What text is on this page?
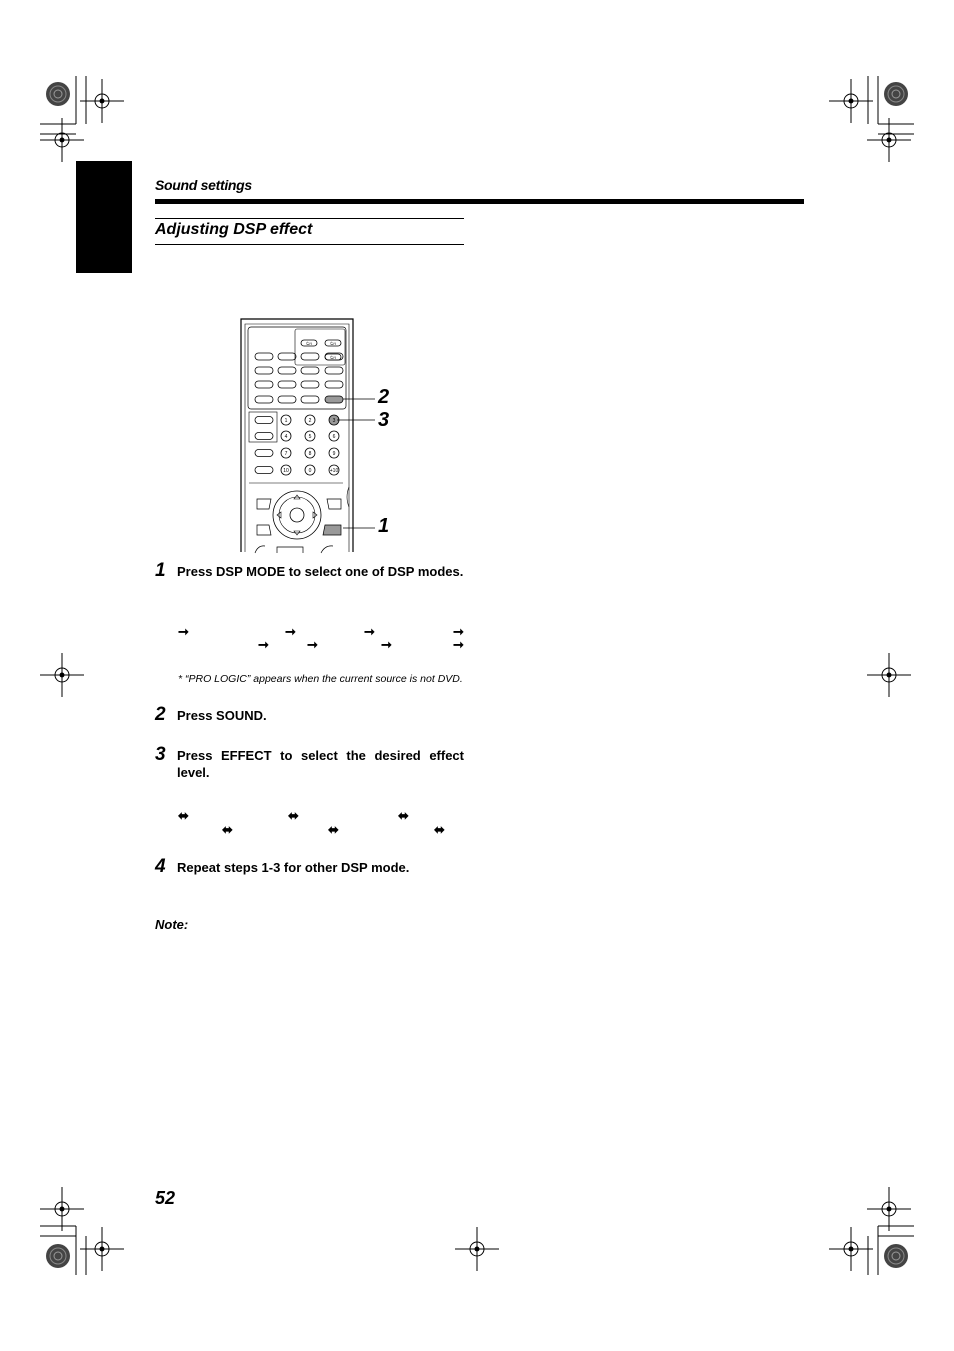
Sound settings
Adjusting DSP effect
⏻/I	⏻/I
⏻/I
1	2	3
4	5	6
7	8	9
10	0	+10
2
3
1
1 Press DSP MODE to select one of DSP modes.
➞	➞	➞	➞
➞	➞	➞	➞
* “PRO LOGIC” appears when the current source is not DVD.
2 Press SOUND.
3 Press EFFECT to select the desired effect level.
⬌	⬌	⬌
⬌	⬌	⬌
4 Repeat steps 1-3 for other DSP mode.
Note:
52
